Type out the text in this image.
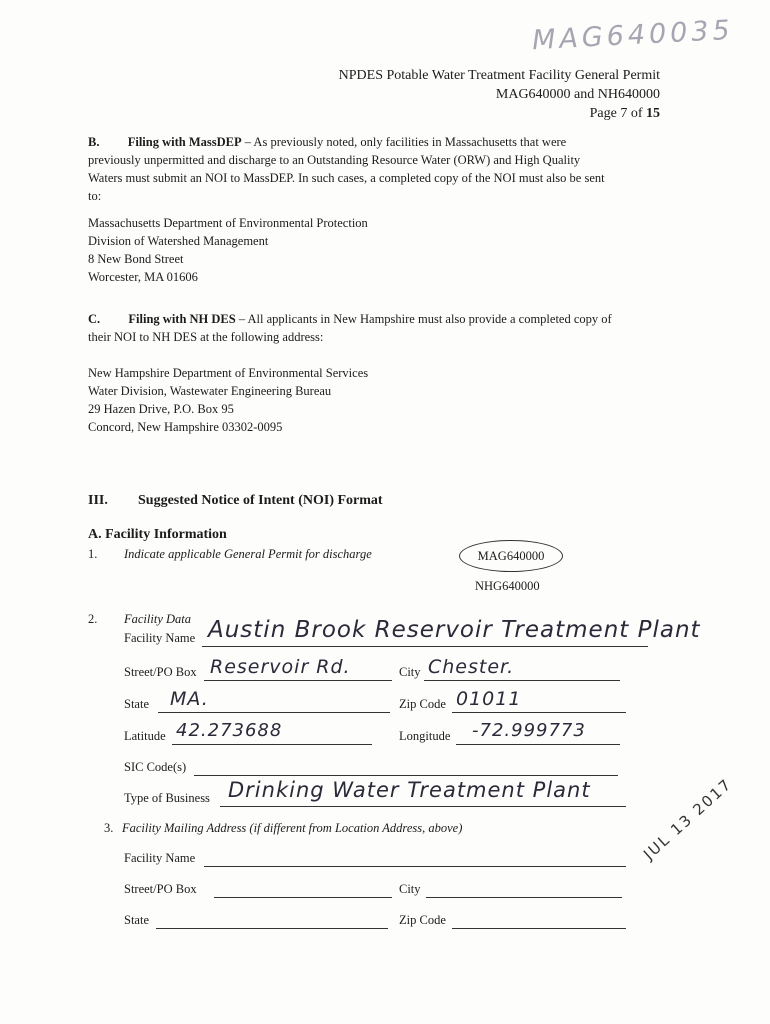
MAG640035
NPDES Potable Water Treatment Facility General Permit
MAG640000 and NH640000
Page 7 of 15
B. Filing with MassDEP – As previously noted, only facilities in Massachusetts that were previously unpermitted and discharge to an Outstanding Resource Water (ORW) and High Quality Waters must submit an NOI to MassDEP. In such cases, a completed copy of the NOI must also be sent to:
Massachusetts Department of Environmental Protection
Division of Watershed Management
8 New Bond Street
Worcester, MA 01606
C. Filing with NH DES – All applicants in New Hampshire must also provide a completed copy of their NOI to NH DES at the following address:
New Hampshire Department of Environmental Services
Water Division, Wastewater Engineering Bureau
29 Hazen Drive, P.O. Box 95
Concord, New Hampshire 03302-0095
III. Suggested Notice of Intent (NOI) Format
A. Facility Information
1. Indicate applicable General Permit for discharge	MAG640000
NHG640000
2. Facility Data
Facility Name Austin Brook Reservoir Treatment Plant
Street/PO Box Reservoir Rd.	City Chester.
State MA.	Zip Code 01011
Latitude 42.273688	Longitude -72.999773
SIC Code(s)
Type of Business Drinking Water Treatment Plant
3. Facility Mailing Address (if different from Location Address, above)
Facility Name
Street/PO Box	City
State	Zip Code
JUL 13 2017
